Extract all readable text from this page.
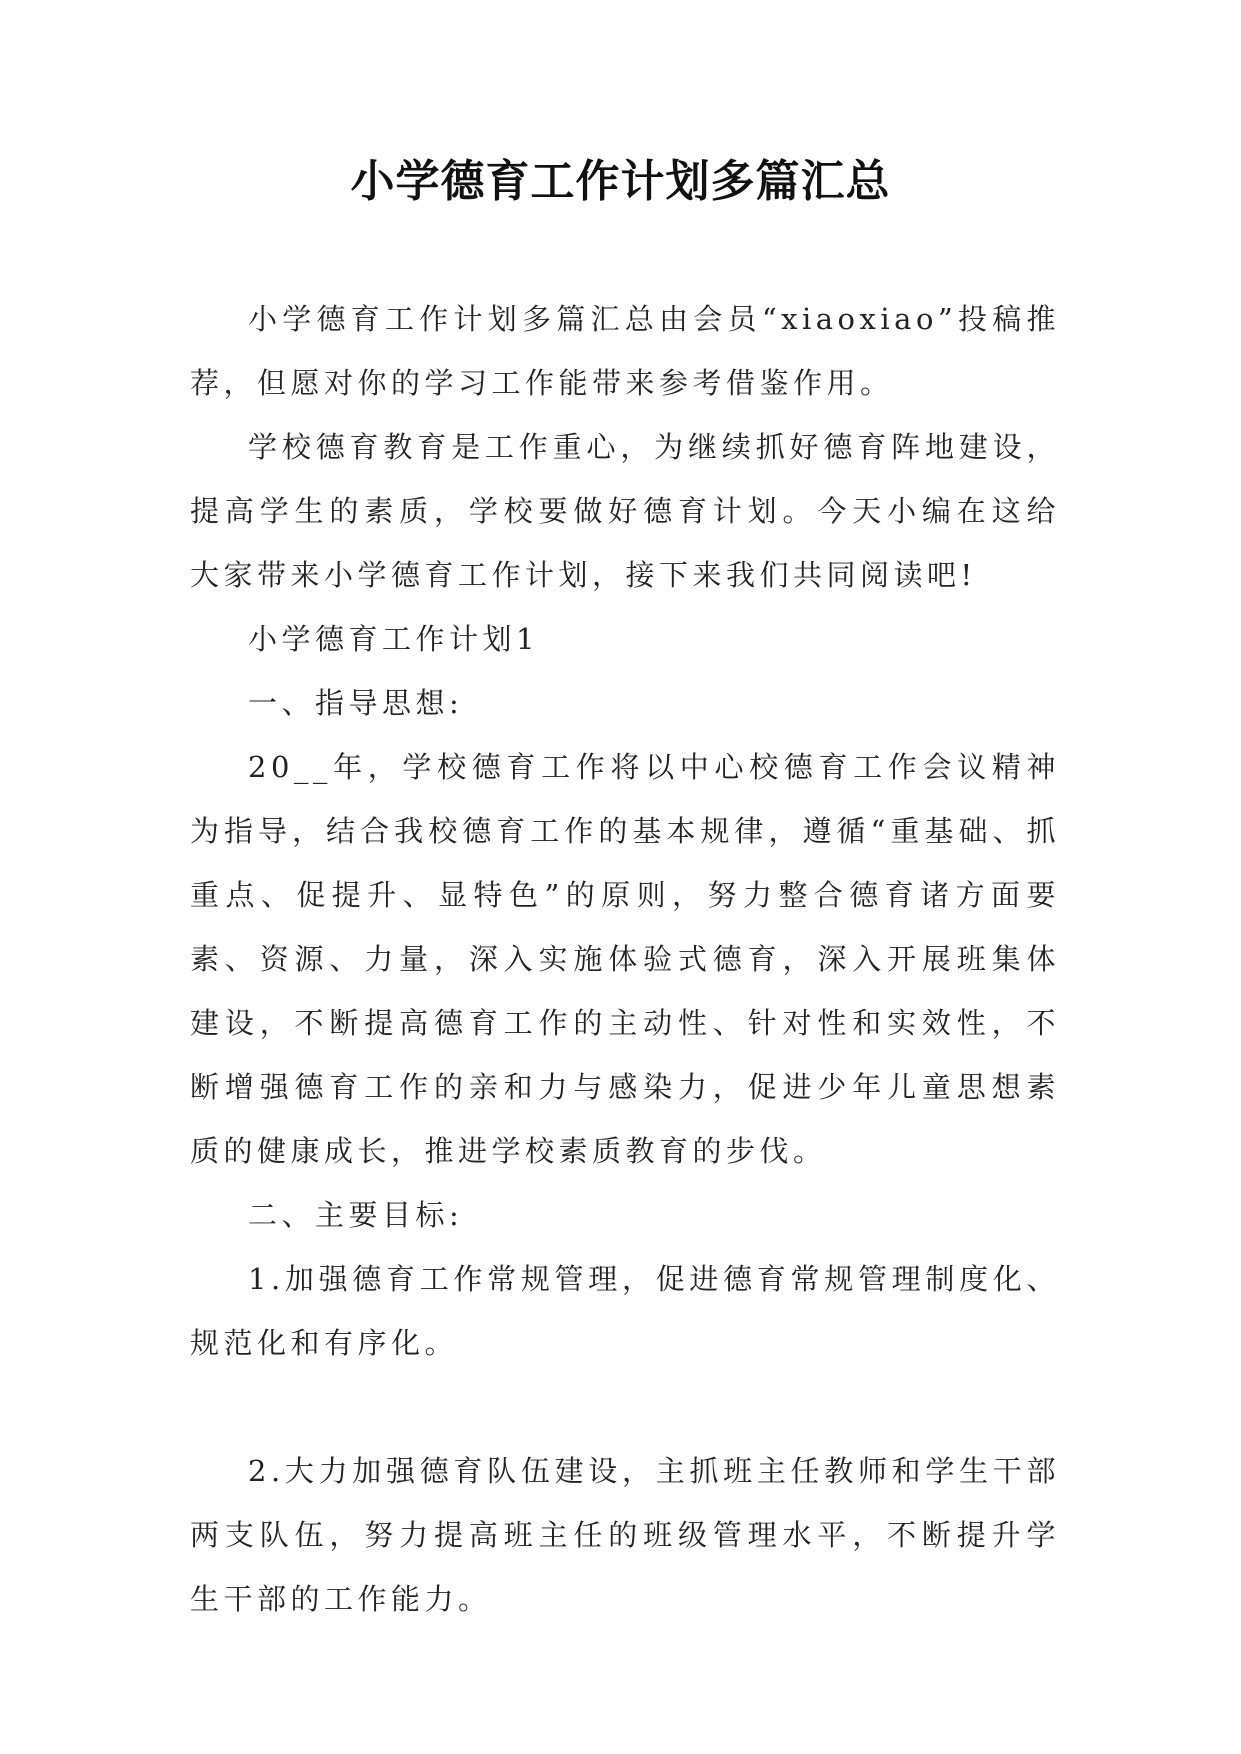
小学德育工作计划多篇汇总

小学德育工作计划多篇汇总由会员“xiaoxiao”投稿推荐，但愿对你的学习工作能带来参考借鉴作用。

学校德育教育是工作重心，为继续抓好德育阵地建设，提高学生的素质，学校要做好德育计划。今天小编在这给大家带来小学德育工作计划，接下来我们共同阅读吧!

小学德育工作计划1

一、指导思想:

20__年，学校德育工作将以中心校德育工作会议精神为指导，结合我校德育工作的基本规律，遵循“重基础、抓重点、促提升、显特色”的原则，努力整合德育诸方面要素、资源、力量，深入实施体验式德育，深入开展班集体建设，不断提高德育工作的主动性、针对性和实效性，不断增强德育工作的亲和力与感染力，促进少年儿童思想素质的健康成长，推进学校素质教育的步伐。

二、主要目标:

1.加强德育工作常规管理，促进德育常规管理制度化、规范化和有序化。

2.大力加强德育队伍建设，主抓班主任教师和学生干部两支队伍，努力提高班主任的班级管理水平，不断提升学生干部的工作能力。
